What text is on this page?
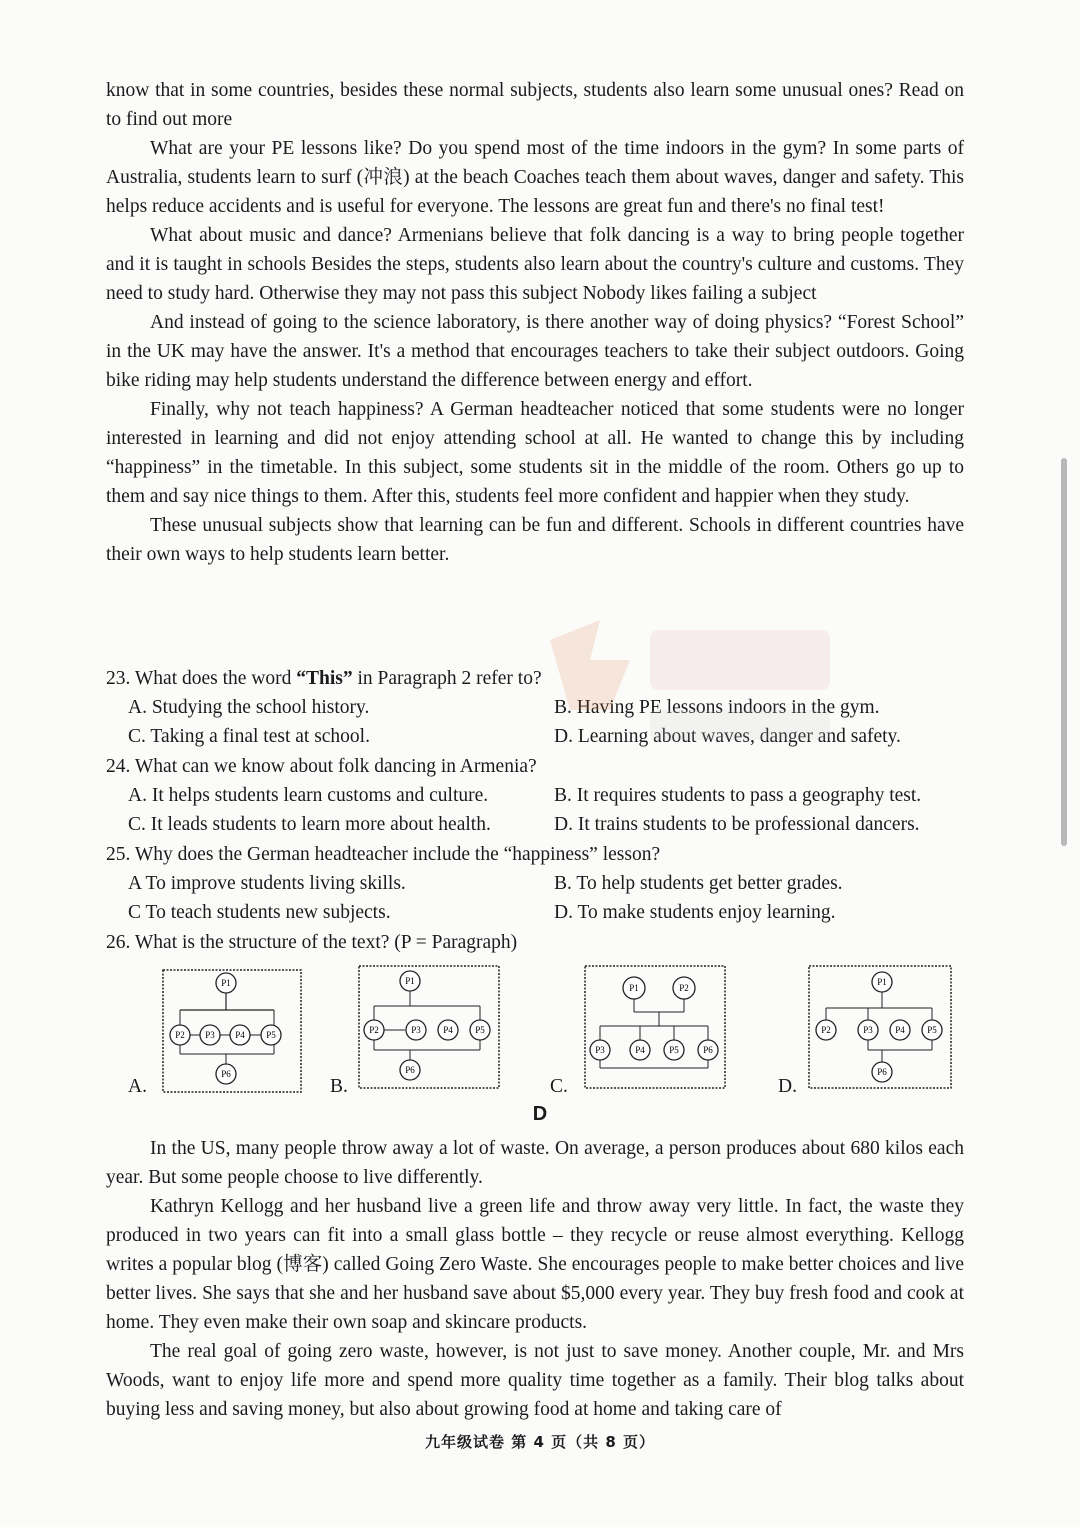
know that in some countries, besides these normal subjects, students also learn some unusual ones? Read on to find out more

What are your PE lessons like? Do you spend most of the time indoors in the gym? In some parts of Australia, students learn to surf (冲浪) at the beach Coaches teach them about waves, danger and safety. This helps reduce accidents and is useful for everyone. The lessons are great fun and there's no final test!

What about music and dance? Armenians believe that folk dancing is a way to bring people together and it is taught in schools Besides the steps, students also learn about the country's culture and customs. They need to study hard. Otherwise they may not pass this subject Nobody likes failing a subject

And instead of going to the science laboratory, is there another way of doing physics? “Forest School” in the UK may have the answer. It's a method that encourages teachers to take their subject outdoors. Going bike riding may help students understand the difference between energy and effort.

Finally, why not teach happiness? A German headteacher noticed that some students were no longer interested in learning and did not enjoy attending school at all. He wanted to change this by including “happiness” in the timetable. In this subject, some students sit in the middle of the room. Others go up to them and say nice things to them. After this, students feel more confident and happier when they study.

These unusual subjects show that learning can be fun and different. Schools in different countries have their own ways to help students learn better.

23. What does the word “This” in Paragraph 2 refer to?

A. Studying the school history.	B. Having PE lessons indoors in the gym.
C. Taking a final test at school.	D. Learning about waves, danger and safety.

24. What can we know about folk dancing in Armenia?

A. It helps students learn customs and culture.	B. It requires students to pass a geography test.
C. It leads students to learn more about health.	D. It trains students to be professional dancers.

25. Why does the German headteacher include the “happiness” lesson?

A To improve students living skills.	B. To help students get better grades.
C To teach students new subjects.	D. To make students enjoy learning.

26. What is the structure of the text? (P = Paragraph)

A.
P1
P2 P3 P4 P5
P6
B.
P1
P2	P3 P4 P5
P6
C.
P1	P2
P3	P4	P5	P6
D.
P1
P2	P3 P4 P5
P6
D

In the US, many people throw away a lot of waste. On average, a person produces about 680 kilos each year. But some people choose to live differently.

Kathryn Kellogg and her husband live a green life and throw away very little. In fact, the waste they produced in two years can fit into a small glass bottle – they recycle or reuse almost everything. Kellogg writes a popular blog (博客) called Going Zero Waste. She encourages people to make better choices and live better lives. She says that she and her husband save about $5,000 every year. They buy fresh food and cook at home. They even make their own soap and skincare products.

The real goal of going zero waste, however, is not just to save money. Another couple, Mr. and Mrs Woods, want to enjoy life more and spend more quality time together as a family. Their blog talks about buying less and saving money, but also about growing food at home and taking care of

九年级试卷 第 4 页（共 8 页）
